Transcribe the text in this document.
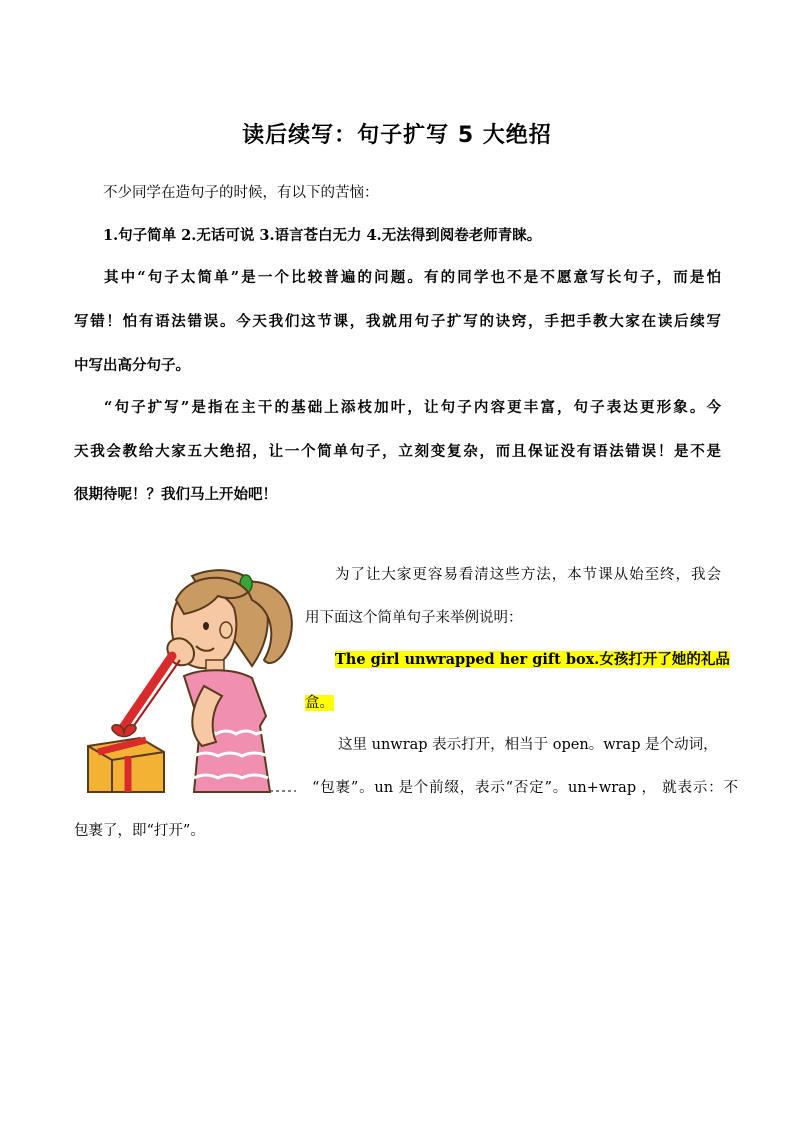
读后续写：句子扩写 5 大绝招
不少同学在造句子的时候，有以下的苦恼：
1.句子简单 2.无话可说 3.语言苍白无力 4.无法得到阅卷老师青睐。
其中“句子太简单”是一个比较普遍的问题。有的同学也不是不愿意写长句子，而是怕
写错！怕有语法错误。今天我们这节课，我就用句子扩写的诀窍，手把手教大家在读后续写
中写出高分句子。
“句子扩写”是指在主干的基础上添枝加叶，让句子内容更丰富，句子表达更形象。今
天我会教给大家五大绝招，让一个简单句子，立刻变复杂，而且保证没有语法错误！是不是
很期待呢！？我们马上开始吧！
为了让大家更容易看清这些方法，本节课从始至终，我会
用下面这个简单句子来举例说明：
The girl unwrapped her gift box.女孩打开了她的礼品
盒。
这里 unwrap 表示打开，相当于 open。wrap 是个动词，
“包裹”。un 是个前缀，表示“否定”。un+wrap ， 就表示：不
包裹了，即“打开”。
